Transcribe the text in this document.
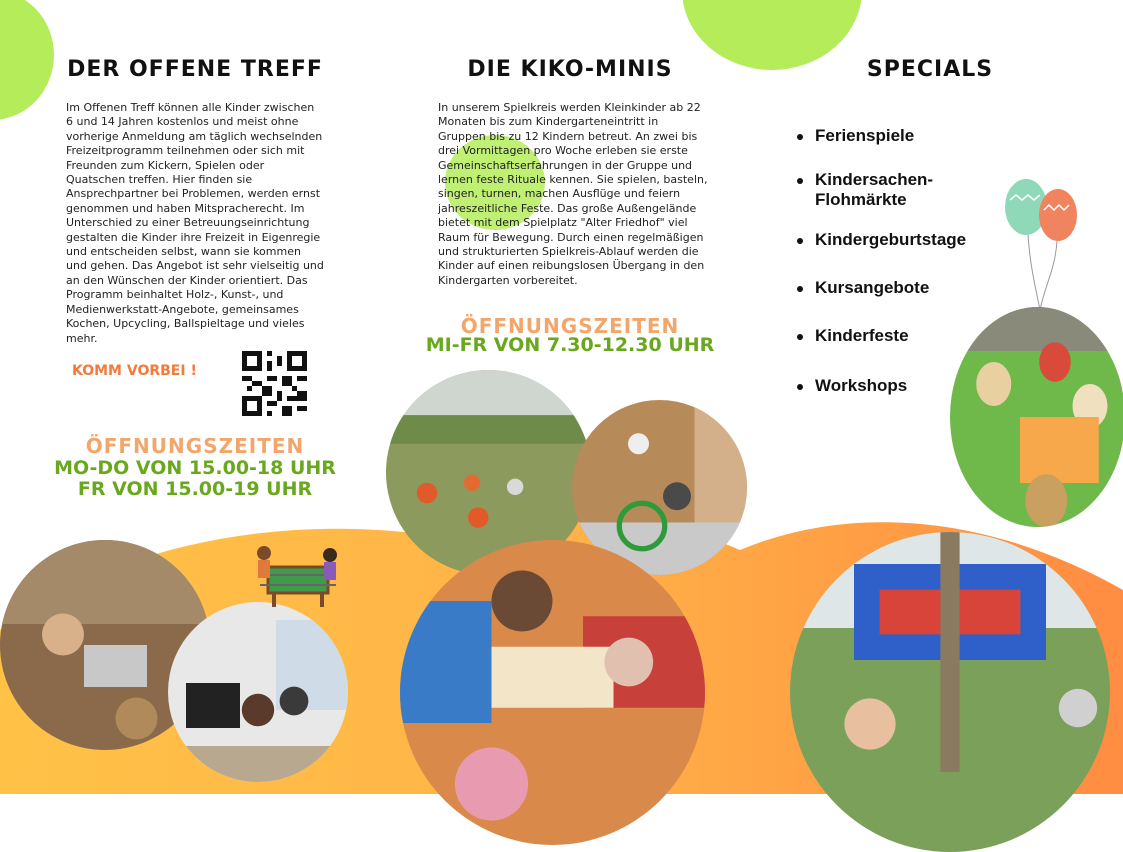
DER OFFENE TREFF
Im Offenen Treff können alle Kinder zwischen 6 und 14 Jahren kostenlos und meist ohne vorherige Anmeldung am täglich wechselnden Freizeitprogramm teilnehmen oder sich mit Freunden zum Kickern, Spielen oder Quatschen treffen. Hier finden sie Ansprechpartner bei Problemen, werden ernst genommen und haben Mitspracherecht. Im Unterschied zu einer Betreuungseinrichtung gestalten die Kinder ihre Freizeit in Eigenregie und entscheiden selbst, wann sie kommen und gehen. Das Angebot ist sehr vielseitig und an den Wünschen der Kinder orientiert. Das Programm beinhaltet Holz-, Kunst-, und Medienwerkstatt-Angebote, gemeinsames Kochen, Upcycling, Ballspieltage und vieles mehr.
KOMM VORBEI !
ÖFFNUNGSZEITEN
MO-DO VON 15.00-18 UHR
FR VON 15.00-19 UHR
DIE KIKO-MINIS
In unserem Spielkreis werden Kleinkinder ab 22 Monaten bis zum Kindergarteneintritt in Gruppen bis zu 12 Kindern betreut. An zwei bis drei Vormittagen pro Woche erleben sie erste Gemeinschaftserfahrungen in der Gruppe und lernen feste Rituale kennen. Sie spielen, basteln, singen, turnen, machen Ausflüge und feiern jahreszeitliche Feste. Das große Außengelände bietet mit dem Spielplatz "Alter Friedhof" viel Raum für Bewegung. Durch einen regelmäßigen und strukturierten Spielkreis-Ablauf werden die Kinder auf einen reibungslosen Übergang in den Kindergarten vorbereitet.
ÖFFNUNGSZEITEN
MI-FR VON 7.30-12.30 UHR
SPECIALS
Ferienspiele
Kindersachen-Flohmärkte
Kindergeburtstage
Kursangebote
Kinderfeste
Workshops
